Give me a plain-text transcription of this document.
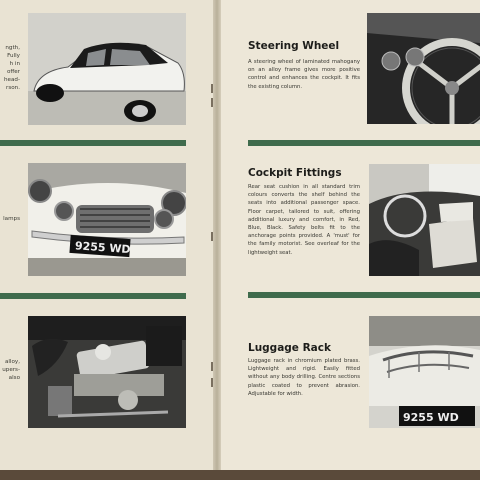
ngth,
Fully
h in
offer
head-
rson.
lamps
alloy,
upers-
also
9255 WD
Steering Wheel
A steering wheel of laminated mahogany on an alloy frame gives more positive control and enhances the cockpit. It fits the existing column.
Cockpit Fittings
Rear seat cushion in all standard trim colours converts the shelf behind the seats into additional passenger space. Floor carpet, tailored to suit, offering additional luxury and comfort, in Red, Blue, Black. Safety belts fit to the anchorage points provided. A 'must' for the family motorist. See overleaf for the lightweight seat.
Luggage Rack
Luggage rack in chromium plated brass. Lightweight and rigid. Easily fitted without any body drilling. Centre sections plastic coated to prevent abrasion. Adjustable for width.
9255 WD
